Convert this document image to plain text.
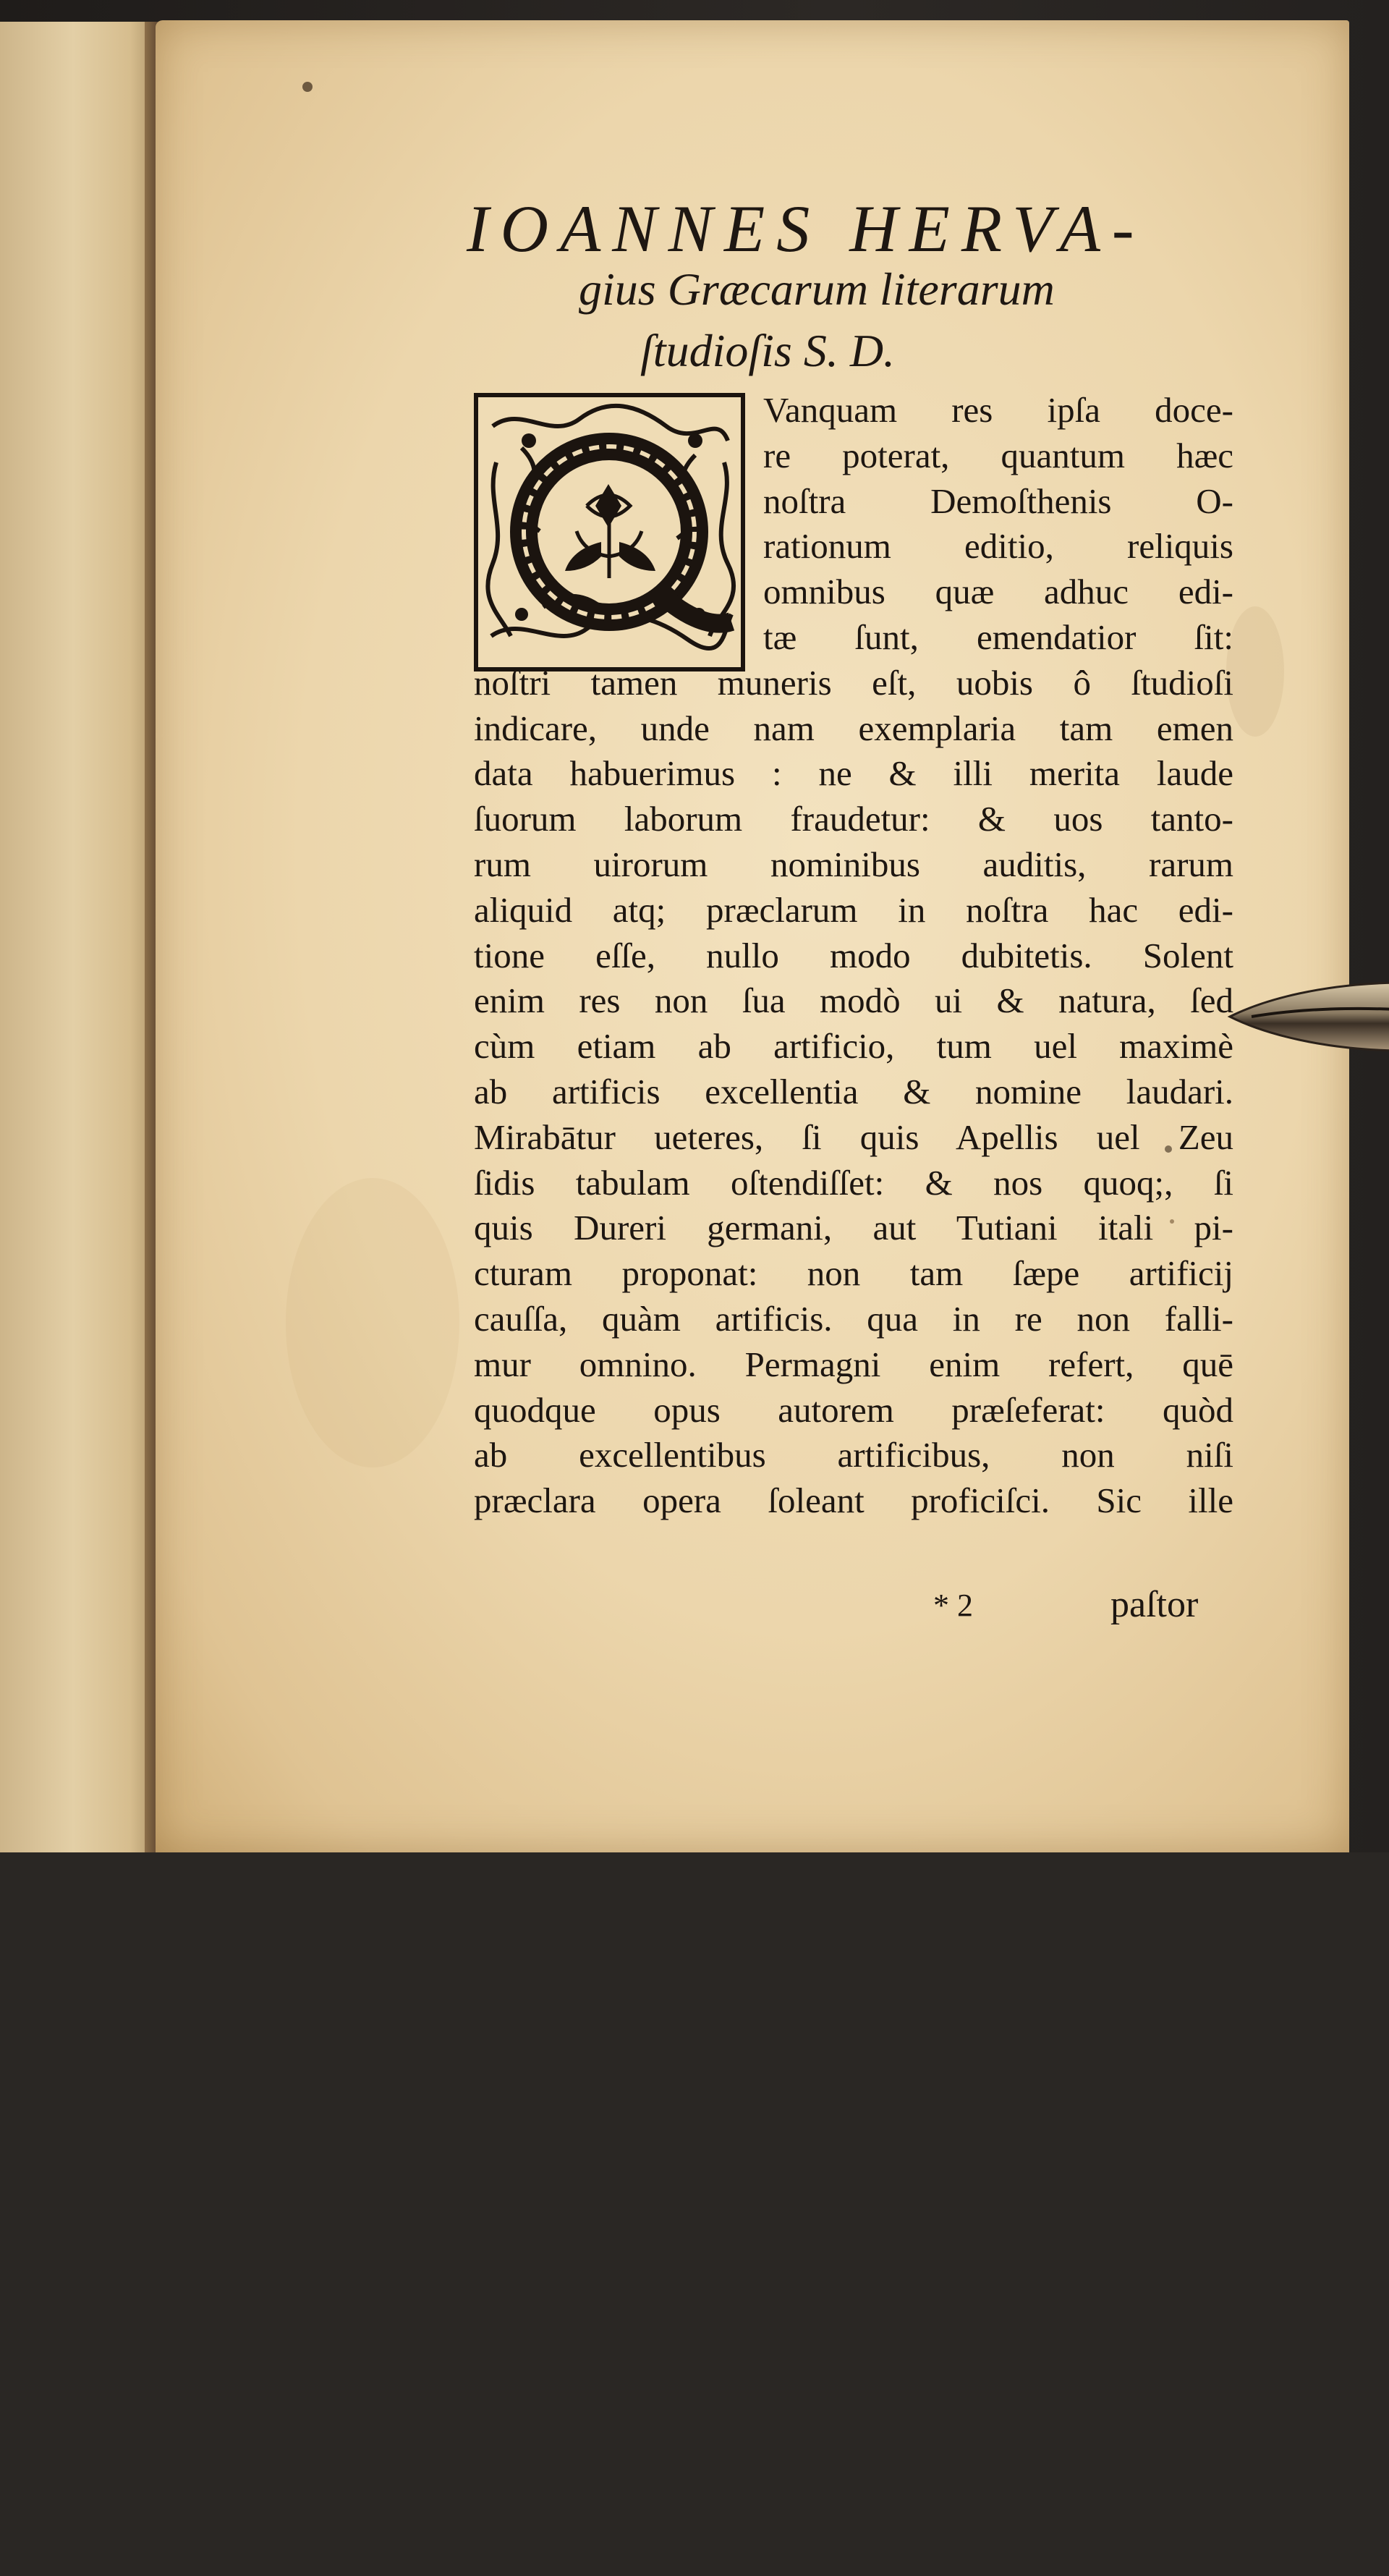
IOANNES HERVA-
gius Græcarum literarum
ſtudioſis S. D.
Vanquam res ipſa doce-
re poterat, quantum hæc
noſtra Demoſthenis O-
rationum editio, reliquis
omnibus quæ adhuc edi-
tæ ſunt, emendatior ſit:
noſtri tamen muneris eſt, uobis ô ſtudioſi
indicare, unde nam exemplaria tam emen
data habuerimus : ne & illi merita laude
ſuorum laborum fraudetur: & uos tanto-
rum uirorum nominibus auditis, rarum
aliquid atq; præclarum in noſtra hac edi-
tione eſſe, nullo modo dubitetis. Solent
enim res non ſua modò ui & natura, ſed
cùm etiam ab artificio, tum uel maximè
ab artificis excellentia & nomine laudari.
Mirabātur ueteres, ſi quis Apellis uel Zeu
ſidis tabulam oſtendiſſet: & nos quoq;, ſi
quis Dureri germani, aut Tutiani itali pi-
cturam proponat: non tam ſæpe artificij
cauſſa, quàm artificis. qua in re non falli-
mur omnino. Permagni enim refert, quē
quodque opus autorem præſeferat: quòd
ab excellentibus artificibus, non niſi
præclara opera ſoleant proficiſci. Sic ille
* 2	paſtor
